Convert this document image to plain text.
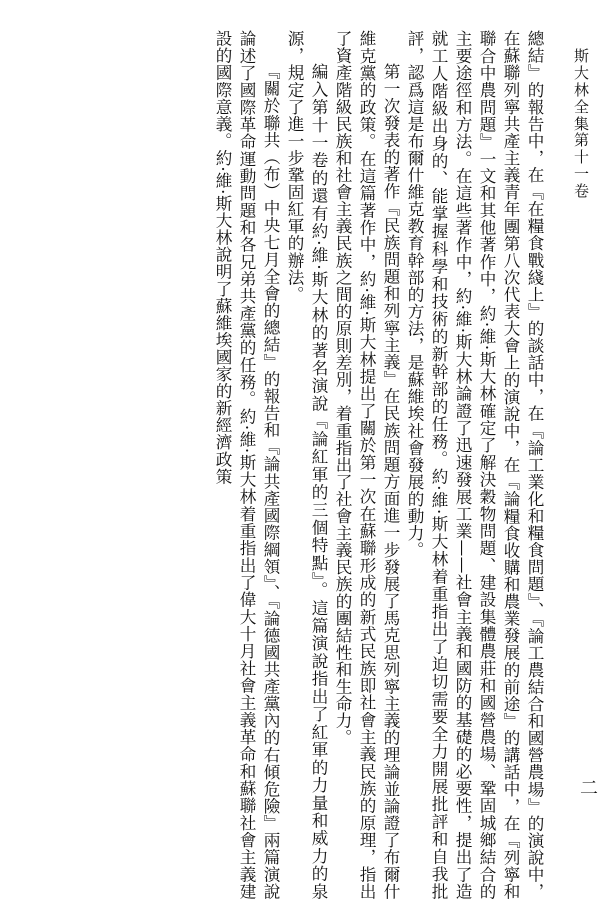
斯大林全集
第十一卷
二

總結』的報告中，在『在糧食戰綫上』的談話中，在『論工業化和糧食問題』、『論工農結合和國營農場』的演說中，在蘇聯列寧共產主義青年團第八次代表大會上的演說中，在『論糧食收購和農業發展的前途』的講話中，在『列寧和聯合中農問題』一文和其他著作中，約·維·斯大林確定了解決穀物問題、建設集體農莊和國營農場、鞏固城鄉結合的主要途徑和方法。在這些著作中，約·維·斯大林論證了迅速發展工業——社會主義和國防的基礎的必要性，提出了造就工人階級出身的、能掌握科學和技術的新幹部的任務。約·維·斯大林着重指出了迫切需要全力開展批評和自我批評，認爲這是布爾什維克教育幹部的方法，是蘇維埃社會發展的動力。

第一次發表的著作『民族問題和列寧主義』在民族問題方面進一步發展了馬克思列寧主義的理論並論證了布爾什維克黨的政策。在這篇著作中，約·維·斯大林提出了關於第一次在蘇聯形成的新式民族即社會主義民族的原理，指出了資產階級民族和社會主義民族之間的原則差別，着重指出了社會主義民族的團結性和生命力。

編入第十一卷的還有約·維·斯大林的著名演說『論紅軍的三個特點』。這篇演說指出了紅軍的力量和威力的泉源，規定了進一步鞏固紅軍的辦法。

『關於聯共（布）中央七月全會的總結』的報告和『論共產國際綱領』、『論德國共產黨內的右傾危險』兩篇演說論述了國際革命運動問題和各兄弟共產黨的任務。約·維·斯大林着重指出了偉大十月社會主義革命和蘇聯社會主義建設的國際意義。約·維·斯大林說明了蘇維埃國家的新經濟政策
